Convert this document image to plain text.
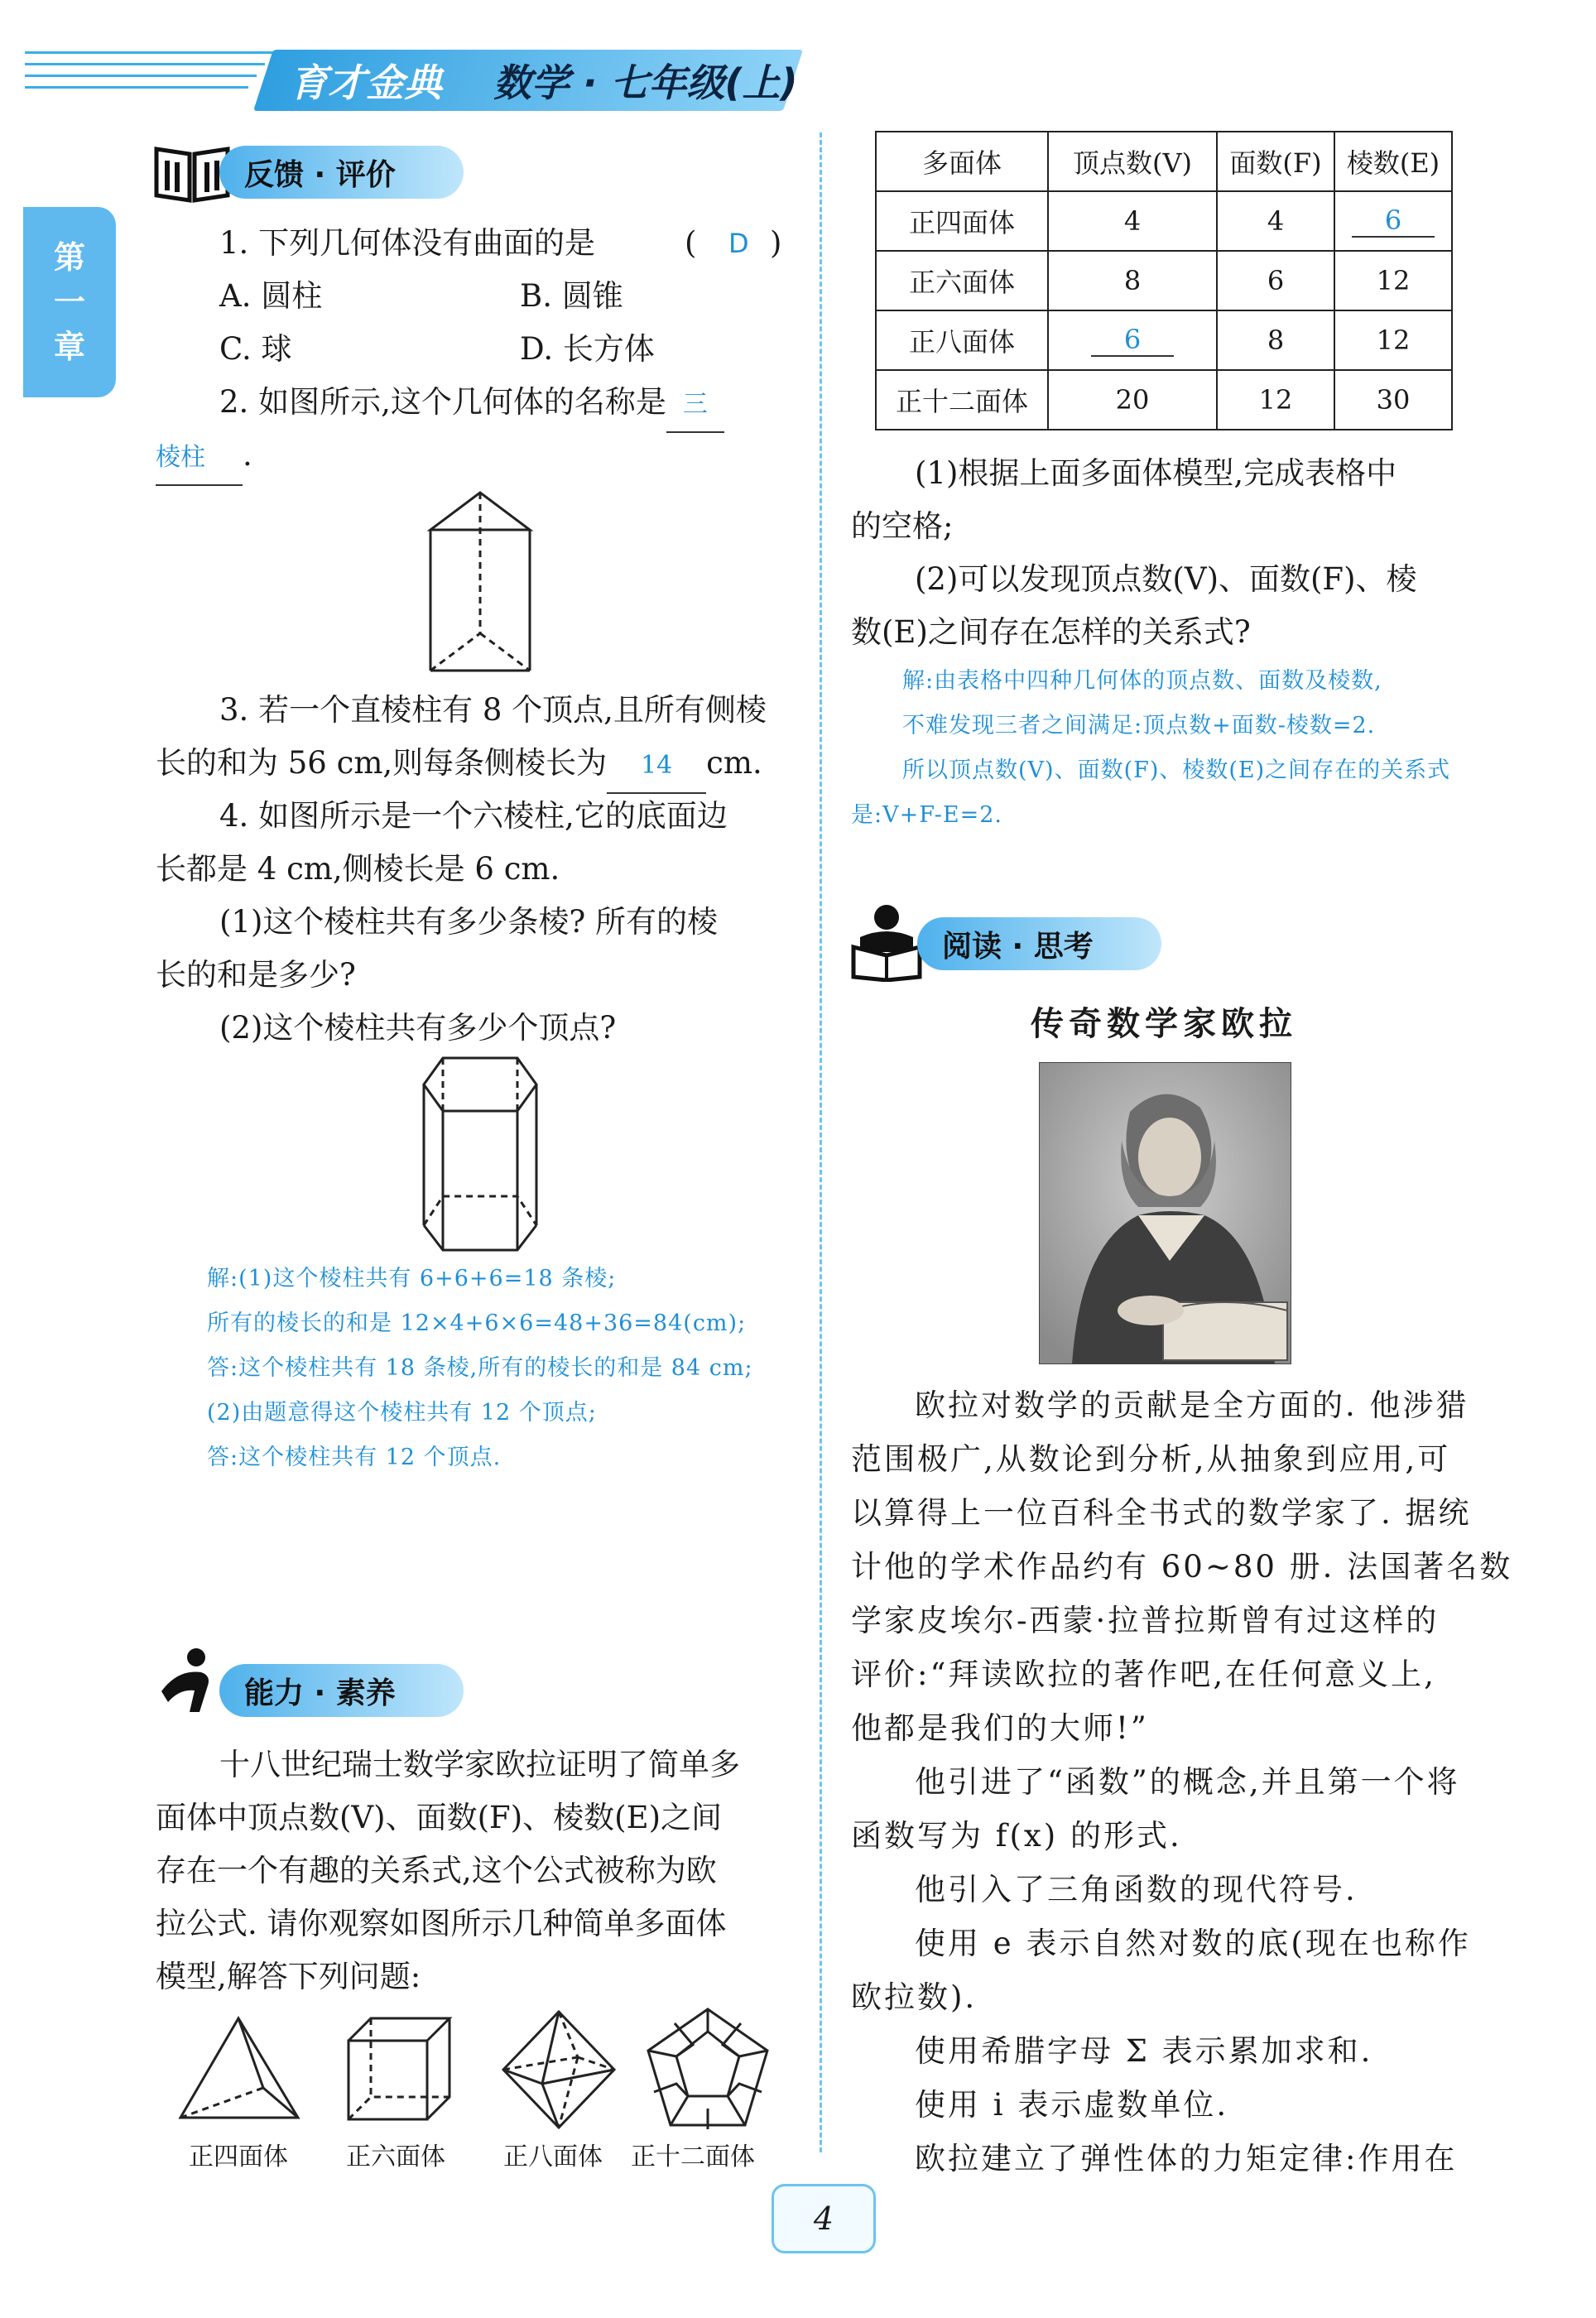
育才金典 数学 · 七年级(上)
第
一
章
反馈 · 评价
1. 下列几何体没有曲面的是	( D )
A. 圆柱	B. 圆锥
C. 球	D. 长方体
2. 如图所示,这个几何体的名称是 三
棱柱 .
3. 若一个直棱柱有 8 个顶点,且所有侧棱
长的和为 56 cm,则每条侧棱长为 14 cm.
4. 如图所示是一个六棱柱,它的底面边
长都是 4 cm,侧棱长是 6 cm.
(1)这个棱柱共有多少条棱? 所有的棱
长的和是多少?
(2)这个棱柱共有多少个顶点?
解:(1)这个棱柱共有 6+6+6=18 条棱;
所有的棱长的和是 12×4+6×6=48+36=84(cm);
答:这个棱柱共有 18 条棱,所有的棱长的和是 84 cm;
(2)由题意得这个棱柱共有 12 个顶点;
答:这个棱柱共有 12 个顶点.
能力 · 素养
十八世纪瑞士数学家欧拉证明了简单多
面体中顶点数(V)、面数(F)、棱数(E)之间
存在一个有趣的关系式,这个公式被称为欧
拉公式. 请你观察如图所示几种简单多面体
模型,解答下列问题:
正四面体 正六面体 正八面体 正十二面体
多面体	顶点数(V)	面数(F)	棱数(E)
正四面体	4	4	6
正六面体	8	6	12
正八面体	6	8	12
正十二面体	20	12	30
(1)根据上面多面体模型,完成表格中
的空格;
(2)可以发现顶点数(V)、面数(F)、棱
数(E)之间存在怎样的关系式?
解:由表格中四种几何体的顶点数、面数及棱数,
不难发现三者之间满足:顶点数+面数-棱数=2.
所以顶点数(V)、面数(F)、棱数(E)之间存在的关系式
是:V+F-E=2.
阅读 · 思考
传奇数学家欧拉
欧拉对数学的贡献是全方面的. 他涉猎
范围极广,从数论到分析,从抽象到应用,可
以算得上一位百科全书式的数学家了. 据统
计他的学术作品约有 60~80 册. 法国著名数
学家皮埃尔-西蒙·拉普拉斯曾有过这样的
评价:“拜读欧拉的著作吧,在任何意义上,
他都是我们的大师!”
他引进了“函数”的概念,并且第一个将
函数写为 f(x) 的形式.
他引入了三角函数的现代符号.
使用 e 表示自然对数的底(现在也称作
欧拉数).
使用希腊字母 Σ 表示累加求和.
使用 i 表示虚数单位.
欧拉建立了弹性体的力矩定律:作用在
4
